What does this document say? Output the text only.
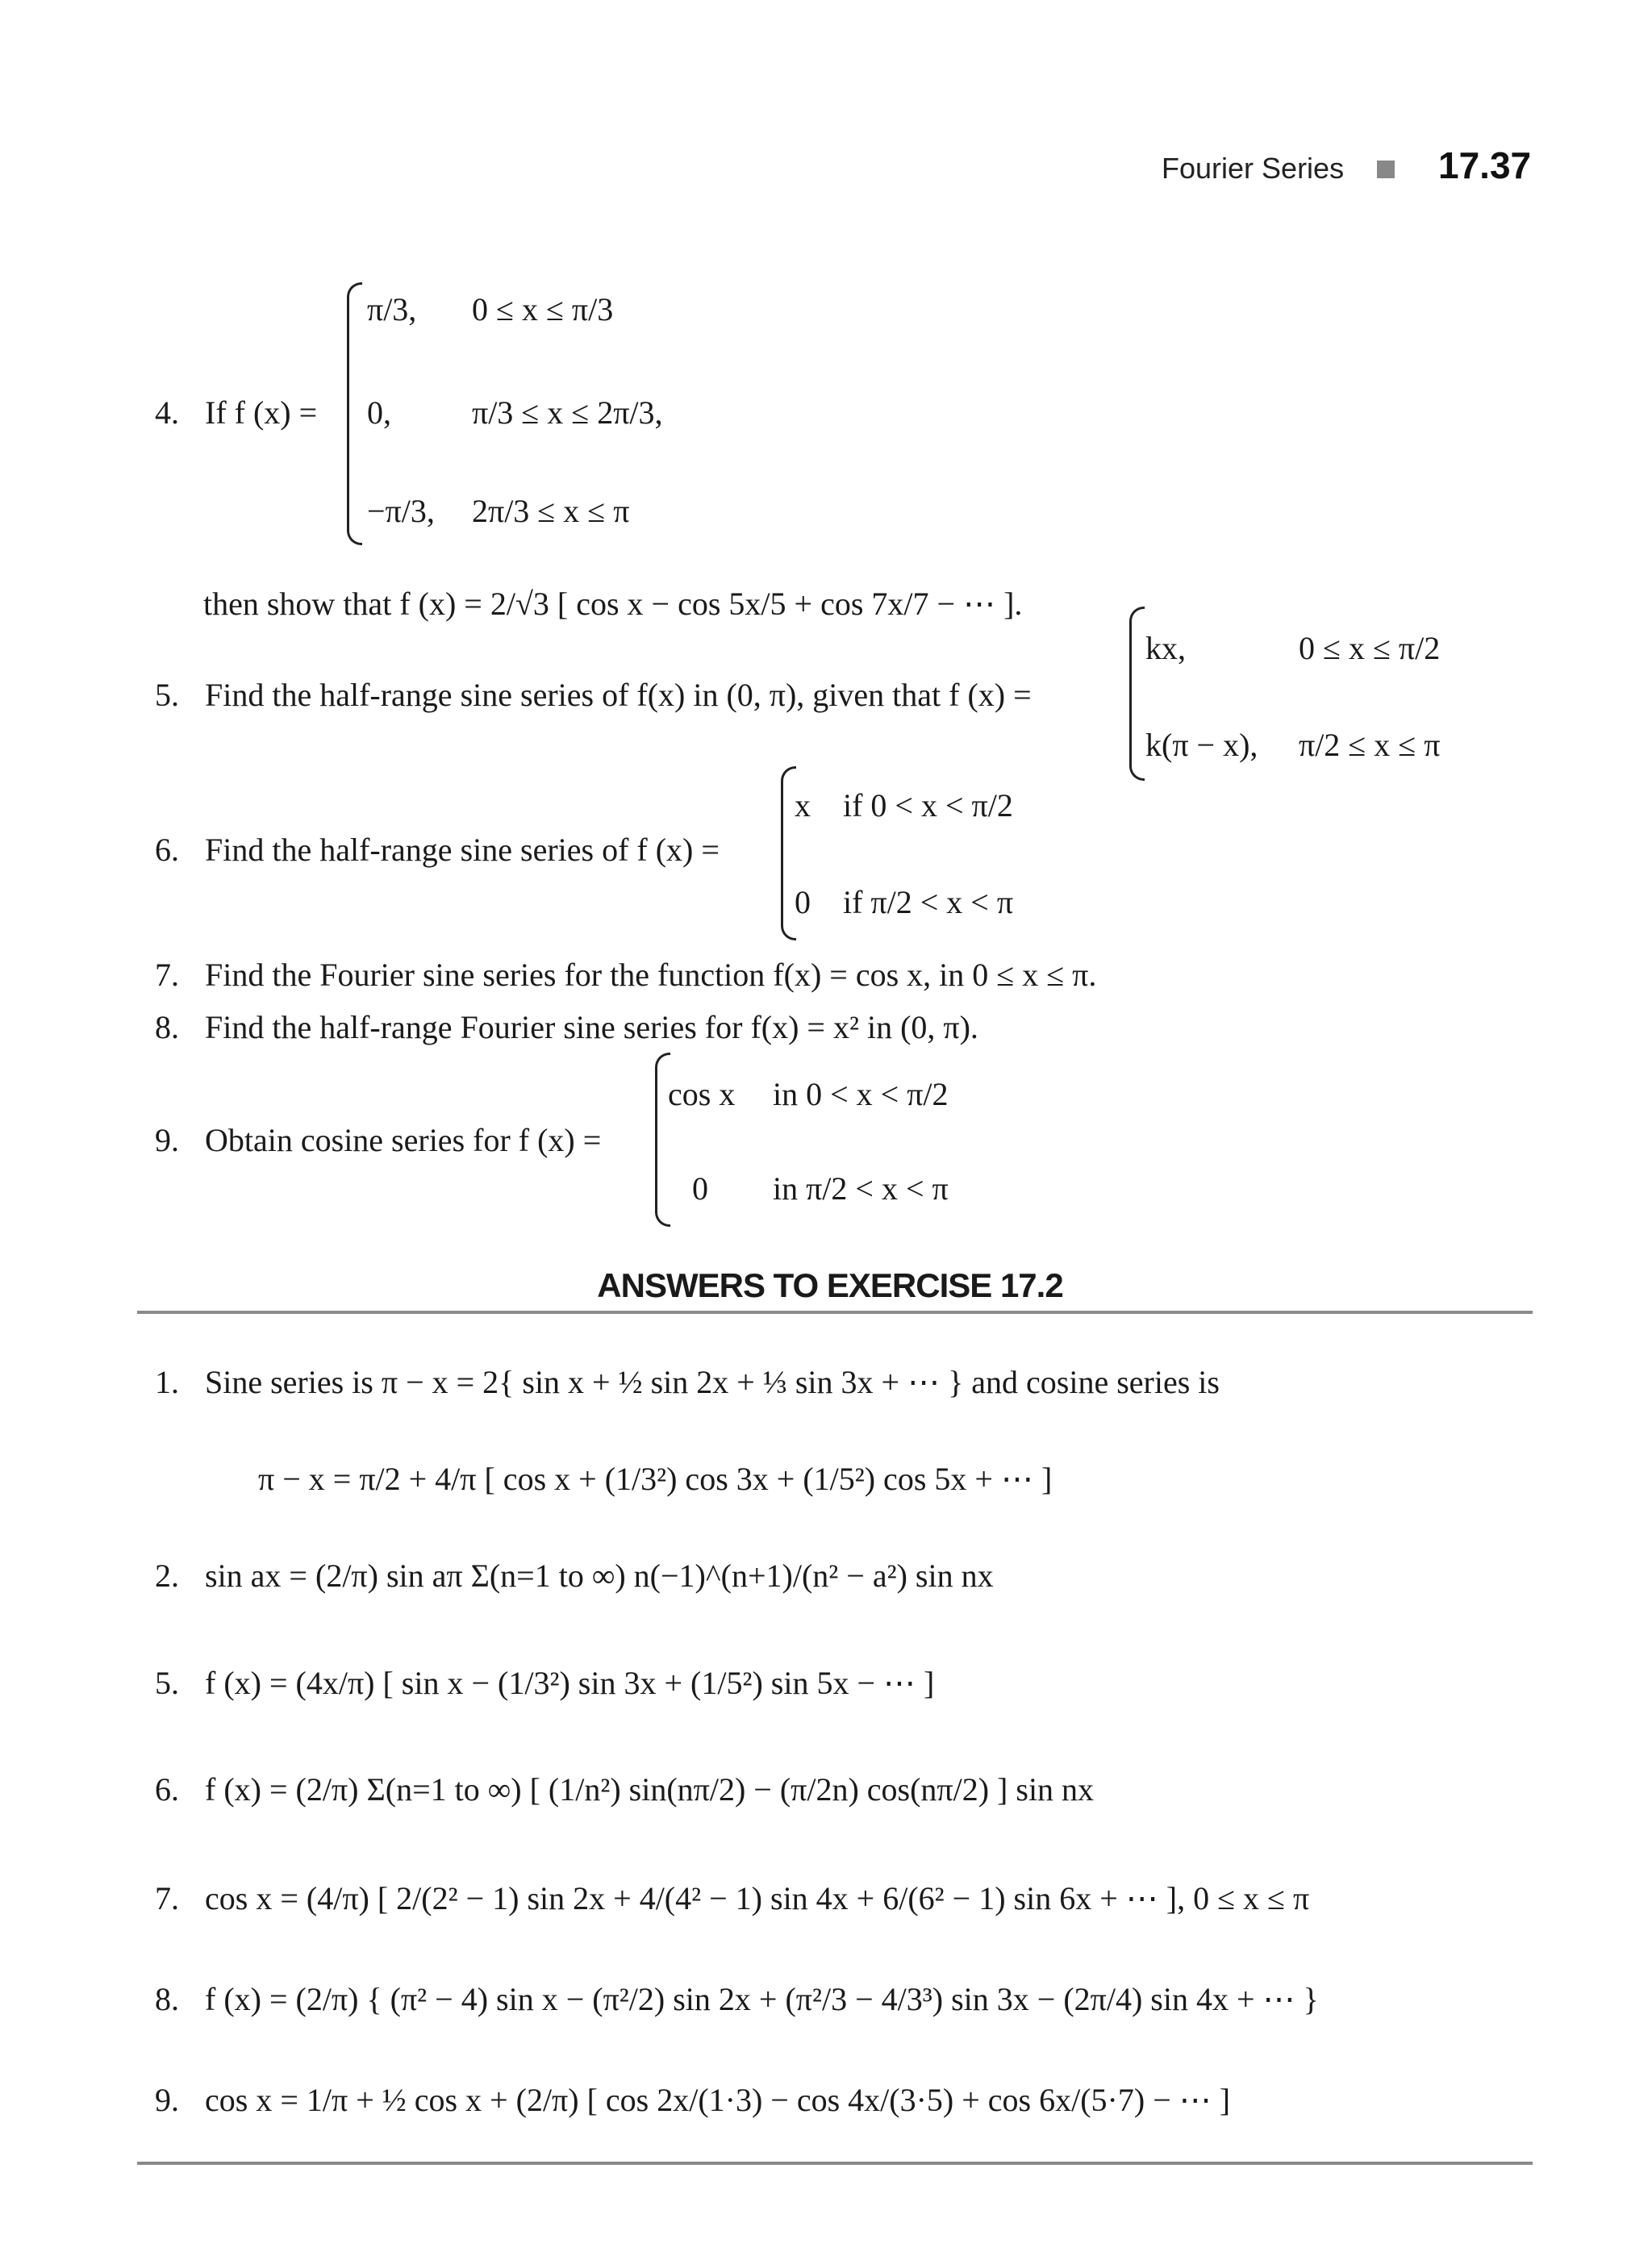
Fourier Series	17.37
4. If f (x) =
π/3, 0 ≤ x ≤ π/3
0,	π/3 ≤ x ≤ 2π/3,
−π/3, 2π/3 ≤ x ≤ π
then show that f (x) = 2/√3 [ cos x − cos 5x/5 + cos 7x/7 − ⋯ ].
5. Find the half-range sine series of f(x) in (0, π), given that f (x) =
kx,	0 ≤ x ≤ π/2
k(π − x), π/2 ≤ x ≤ π
6. Find the half-range sine series of f (x) =
x if 0 < x < π/2
0 if π/2 < x < π
7. Find the Fourier sine series for the function f(x) = cos x, in 0 ≤ x ≤ π.
8. Find the half-range Fourier sine series for f(x) = x² in (0, π).
9. Obtain cosine series for f (x) =
cos x in 0 < x < π/2
0 in π/2 < x < π
ANSWERS TO EXERCISE 17.2
1. Sine series is π − x = 2{ sin x + ½ sin 2x + ⅓ sin 3x + ⋯ } and cosine series is
π − x = π/2 + 4/π [ cos x + (1/3²) cos 3x + (1/5²) cos 5x + ⋯ ]
2. sin ax = (2/π) sin aπ Σ(n=1 to ∞) n(−1)^(n+1)/(n² − a²) sin nx
5. f (x) = (4x/π) [ sin x − (1/3²) sin 3x + (1/5²) sin 5x − ⋯ ]
6. f (x) = (2/π) Σ(n=1 to ∞) [ (1/n²) sin(nπ/2) − (π/2n) cos(nπ/2) ] sin nx
7. cos x = (4/π) [ 2/(2² − 1) sin 2x + 4/(4² − 1) sin 4x + 6/(6² − 1) sin 6x + ⋯ ], 0 ≤ x ≤ π
8. f (x) = (2/π) { (π² − 4) sin x − (π²/2) sin 2x + (π²/3 − 4/3³) sin 3x − (2π/4) sin 4x + ⋯ }
9. cos x = 1/π + ½ cos x + (2/π) [ cos 2x/(1·3) − cos 4x/(3·5) + cos 6x/(5·7) − ⋯ ]
